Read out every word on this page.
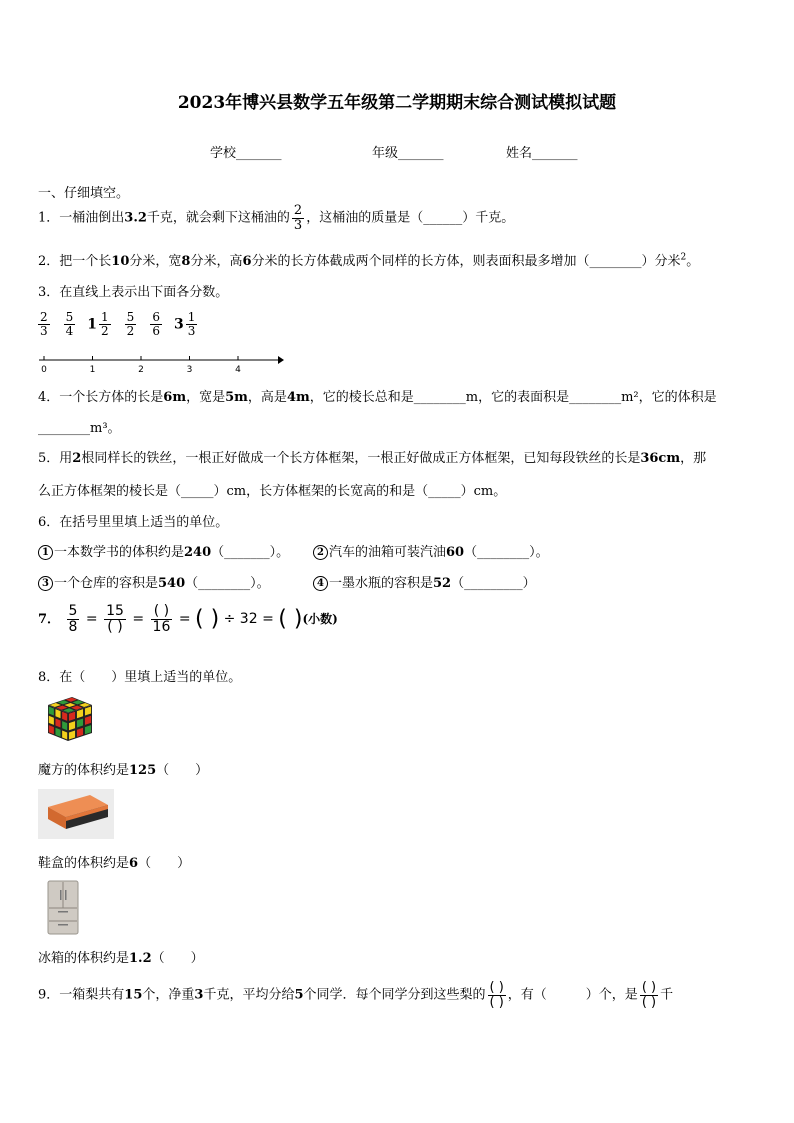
2023年博兴县数学五年级第二学期期末综合测试模拟试题
学校_______	年级_______	姓名_______
一、仔细填空。
1．一桶油倒出3.2千克，就会剩下这桶油的 $\frac{2}{3}$ ，这桶油的质量是（______）千克。
2．把一个长10分米，宽8分米，高6分米的长方体截成两个同样的长方体，则表面积最多增加（________）分米$^2$。
3．在直线上表示出下面各分数。
$\frac{2}{3} \frac{5}{4} 1 \frac{1}{2} \frac{5}{2} \frac{6}{6} 3 \frac{1}{3}$
0	1	2	3	4
4．一个长方体的长是6m，宽是5m，高是4m，它的棱长总和是________m，它的表面积是________m²，它的体积是
________m³。
5．用2根同样长的铁丝，一根正好做成一个长方体框架，一根正好做成正方体框架，已知每段铁丝的长是36cm，那
么正方体框架的棱长是（_____）cm，长方体框架的长宽高的和是（_____）cm。
6．在括号里里填上适当的单位。
1 一本数学书的体积约是240（_______）。	2 汽车的油箱可装汽油60（________）。
3 一个仓库的容积是540（________）。	4 一墨水瓶的容积是52（_________）
7． $\frac{5}{8} = \frac{15}{( )} = \frac{( )}{16}$ = ( ) ÷ 32 = ( )(小数)
8．在（　　）里填上适当的单位。
魔方的体积约是125（　　）
鞋盒的体积约是6（　　）
冰箱的体积约是1.2（　　）
9．一箱梨共有15个，净重3千克，平均分给5个同学．每个同学分到这些梨的 $\frac{( )}{( )}$ ，有（　　　）个，是 $\frac{( )}{( )}$ 千
